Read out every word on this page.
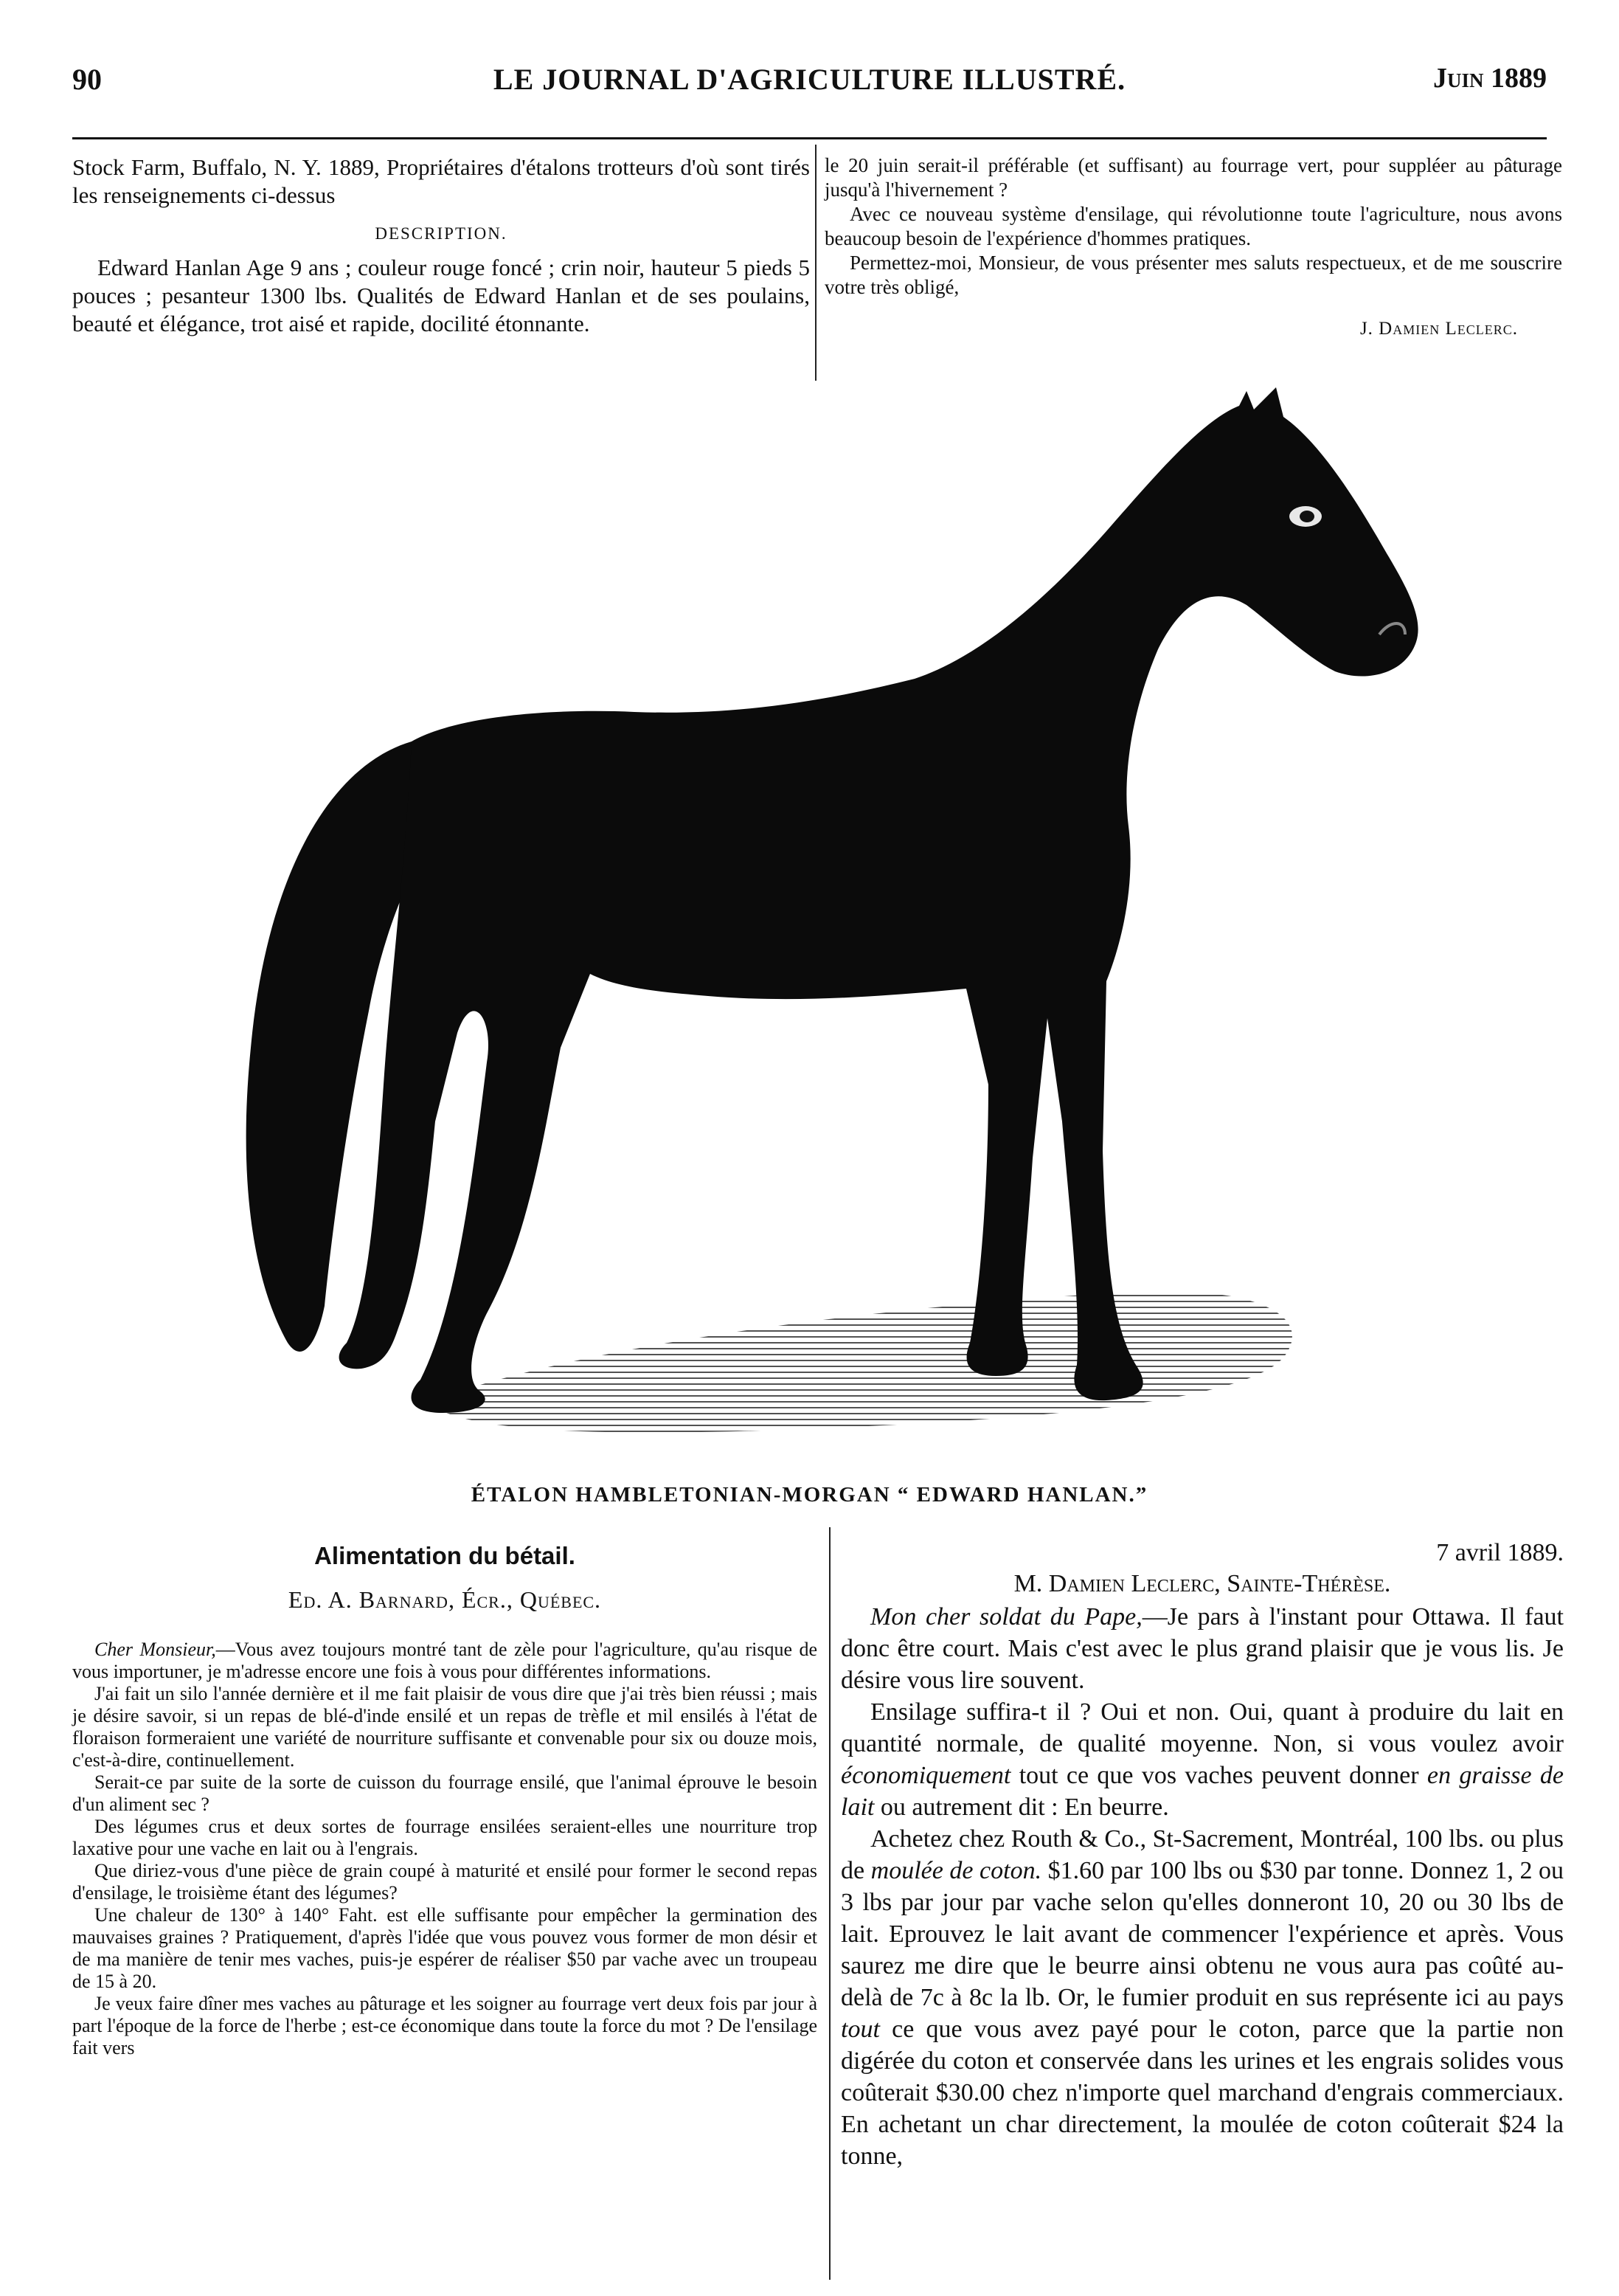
90	LE JOURNAL D'AGRICULTURE ILLUSTRÉ.	Juin 1889

Stock Farm, Buffalo, N. Y. 1889, Propriétaires d'étalons trotteurs d'où sont tirés les renseignements ci-dessus

DESCRIPTION.

Edward Hanlan Age 9 ans ; couleur rouge foncé ; crin noir, hauteur 5 pieds 5 pouces ; pesanteur 1300 lbs. Qualités de Edward Hanlan et de ses poulains, beauté et élégance, trot aisé et rapide, docilité étonnante.

le 20 juin serait-il préférable (et suffisant) au fourrage vert, pour suppléer au pâturage jusqu'à l'hivernement ?

Avec ce nouveau système d'ensilage, qui révolutionne toute l'agriculture, nous avons beaucoup besoin de l'expérience d'hommes pratiques.

Permettez-moi, Monsieur, de vous présenter mes saluts respectueux, et de me souscrire votre très obligé,

J. Damien Leclerc.
ÉTALON HAMBLETONIAN-MORGAN “ EDWARD HANLAN.”
Alimentation du bétail.
Ed. A. Barnard, Écr., Québec.

Cher Monsieur,—Vous avez toujours montré tant de zèle pour l'agriculture, qu'au risque de vous importuner, je m'adresse encore une fois à vous pour différentes informations.

J'ai fait un silo l'année dernière et il me fait plaisir de vous dire que j'ai très bien réussi ; mais je désire savoir, si un repas de blé-d'inde ensilé et un repas de trèfle et mil ensilés à l'état de floraison formeraient une variété de nourriture suffisante et convenable pour six ou douze mois, c'est-à-dire, continuellement.

Serait-ce par suite de la sorte de cuisson du fourrage ensilé, que l'animal éprouve le besoin d'un aliment sec ?

Des légumes crus et deux sortes de fourrage ensilées seraient-elles une nourriture trop laxative pour une vache en lait ou à l'engrais.

Que diriez-vous d'une pièce de grain coupé à maturité et ensilé pour former le second repas d'ensilage, le troisième étant des légumes?

Une chaleur de 130° à 140° Faht. est elle suffisante pour empêcher la germination des mauvaises graines ? Pratiquement, d'après l'idée que vous pouvez vous former de mon désir et de ma manière de tenir mes vaches, puis-je espérer de réaliser $50 par vache avec un troupeau de 15 à 20.

Je veux faire dîner mes vaches au pâturage et les soigner au fourrage vert deux fois par jour à part l'époque de la force de l'herbe ; est-ce économique dans toute la force du mot ? De l'ensilage fait vers

7 avril 1889.
M. Damien Leclerc, Sainte-Thérèse.

Mon cher soldat du Pape,—Je pars à l'instant pour Ottawa. Il faut donc être court. Mais c'est avec le plus grand plaisir que je vous lis. Je désire vous lire souvent.

Ensilage suffira-t il ? Oui et non. Oui, quant à produire du lait en quantité normale, de qualité moyenne. Non, si vous voulez avoir économiquement tout ce que vos vaches peuvent donner en graisse de lait ou autrement dit : En beurre.

Achetez chez Routh & Co., St-Sacrement, Montréal, 100 lbs. ou plus de moulée de coton. $1.60 par 100 lbs ou $30 par tonne. Donnez 1, 2 ou 3 lbs par jour par vache selon qu'elles donneront 10, 20 ou 30 lbs de lait. Eprouvez le lait avant de commencer l'expérience et après. Vous saurez me dire que le beurre ainsi obtenu ne vous aura pas coûté au-delà de 7c à 8c la lb. Or, le fumier produit en sus représente ici au pays tout ce que vous avez payé pour le coton, parce que la partie non digérée du coton et conservée dans les urines et les engrais solides vous coûterait $30.00 chez n'importe quel marchand d'engrais commerciaux. En achetant un char directement, la moulée de coton coûterait $24 la tonne,
